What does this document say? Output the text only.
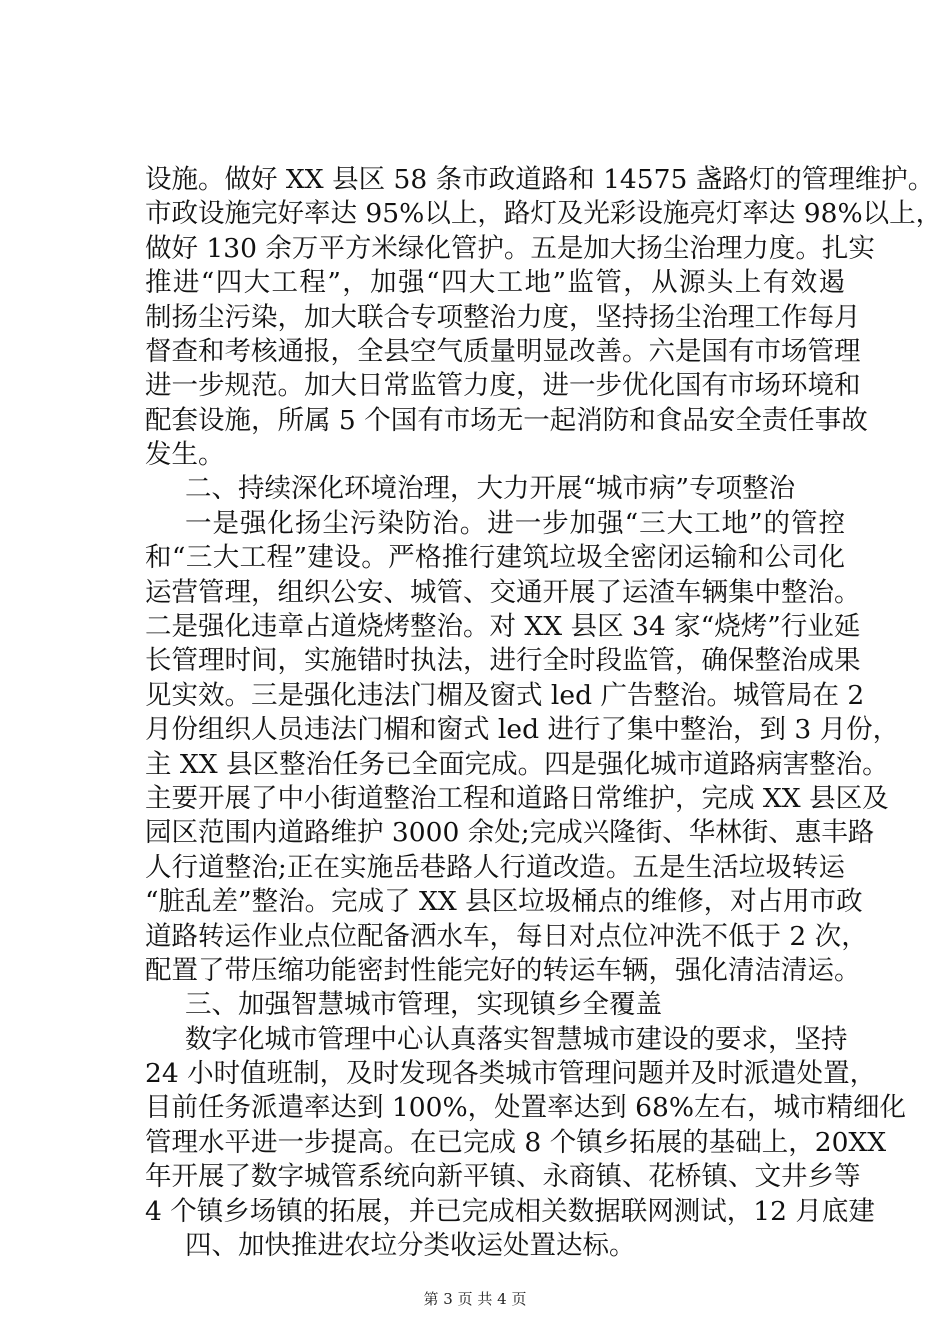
设施。做好 XX 县区 58 条市政道路和 14575 盏路灯的管理维护。
市政设施完好率达 95%以上，路灯及光彩设施亮灯率达 98%以上，
做好 130 余万平方米绿化管护。五是加大扬尘治理力度。扎实
推进“四大工程”，加强“四大工地”监管，从源头上有效遏
制扬尘污染，加大联合专项整治力度，坚持扬尘治理工作每月
督查和考核通报，全县空气质量明显改善。六是国有市场管理
进一步规范。加大日常监管力度，进一步优化国有市场环境和
配套设施，所属 5 个国有市场无一起消防和食品安全责任事故
发生。
二、持续深化环境治理，大力开展“城市病”专项整治
一是强化扬尘污染防治。进一步加强“三大工地”的管控
和“三大工程”建设。严格推行建筑垃圾全密闭运输和公司化
运营管理，组织公安、城管、交通开展了运渣车辆集中整治。
二是强化违章占道烧烤整治。对 XX 县区 34 家“烧烤”行业延
长管理时间，实施错时执法，进行全时段监管，确保整治成果
见实效。三是强化违法门楣及窗式 led 广告整治。城管局在 2
月份组织人员违法门楣和窗式 led 进行了集中整治，到 3 月份，
主 XX 县区整治任务已全面完成。四是强化城市道路病害整治。
主要开展了中小街道整治工程和道路日常维护，完成 XX 县区及
园区范围内道路维护 3000 余处;完成兴隆街、华林街、惠丰路
人行道整治;正在实施岳巷路人行道改造。五是生活垃圾转运
“脏乱差”整治。完成了 XX 县区垃圾桶点的维修，对占用市政
道路转运作业点位配备洒水车，每日对点位冲洗不低于 2 次，
配置了带压缩功能密封性能完好的转运车辆，强化清洁清运。
三、加强智慧城市管理，实现镇乡全覆盖
数字化城市管理中心认真落实智慧城市建设的要求，坚持
24 小时值班制，及时发现各类城市管理问题并及时派遣处置，
目前任务派遣率达到 100%，处置率达到 68%左右，城市精细化
管理水平进一步提高。在已完成 8 个镇乡拓展的基础上，20XX
年开展了数字城管系统向新平镇、永商镇、花桥镇、文井乡等
4 个镇乡场镇的拓展，并已完成相关数据联网测试，12 月底建
第 3 页 共 4 页
四、加快推进农垃分类收运处置达标。
